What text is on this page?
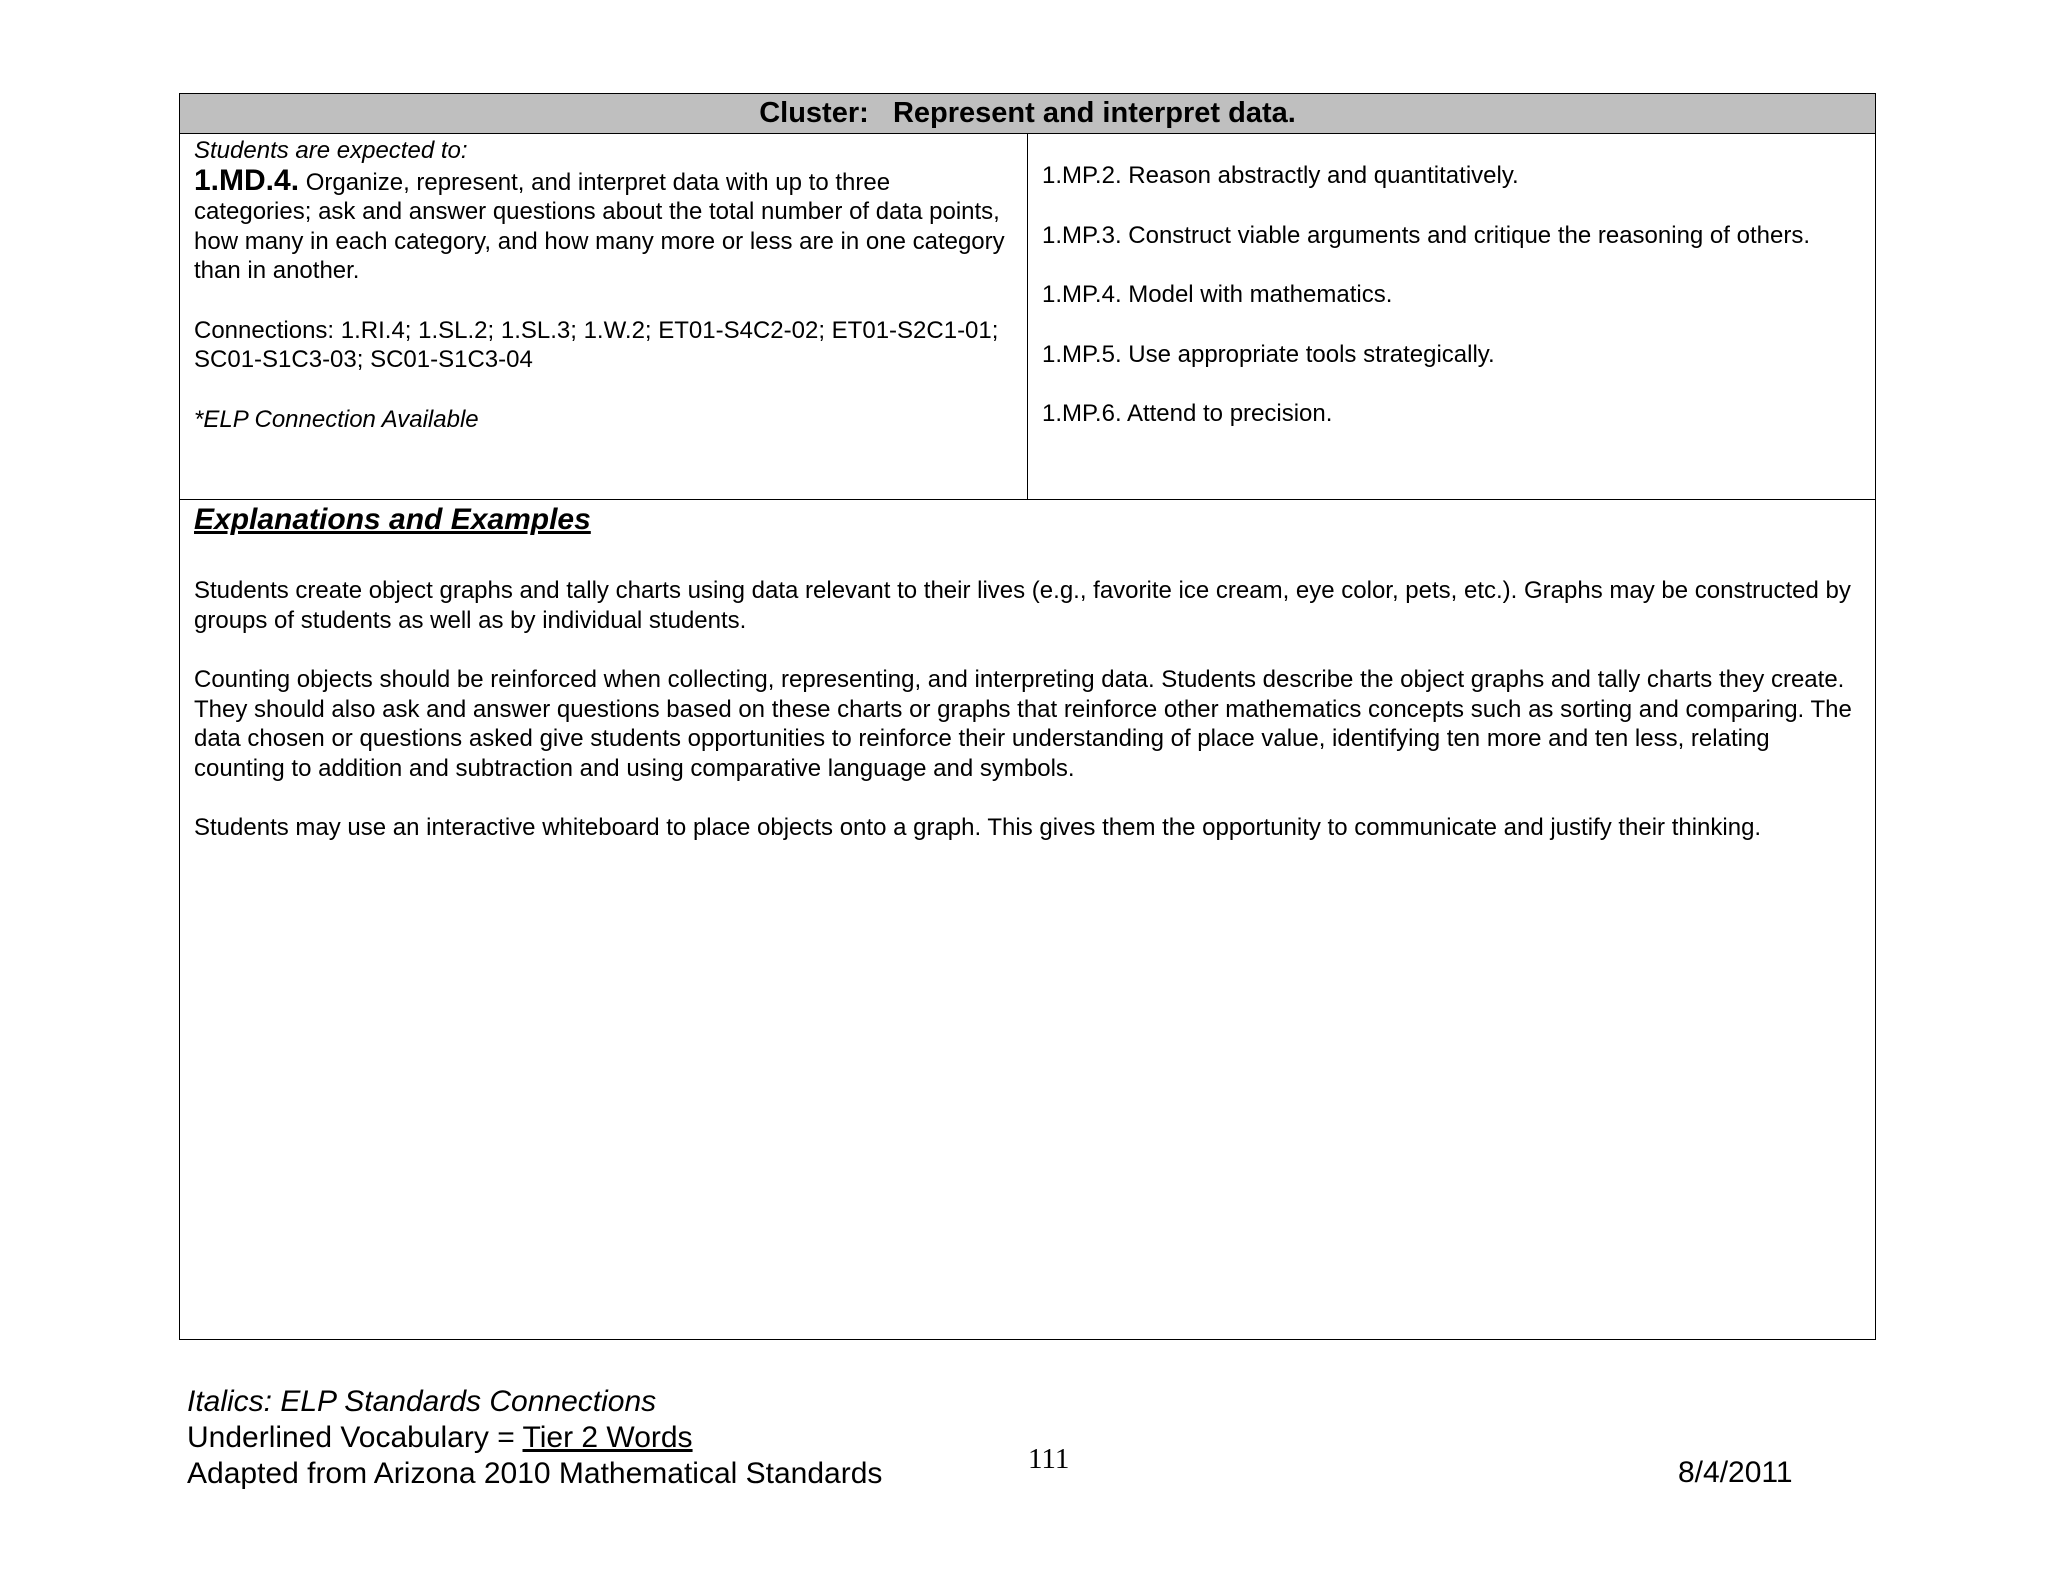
Cluster: Represent and interpret data.
Students are expected to:
1.MD.4. Organize, represent, and interpret data with up to three categories; ask and answer questions about the total number of data points, how many in each category, and how many more or less are in one category than in another.
Connections: 1.RI.4; 1.SL.2; 1.SL.3; 1.W.2; ET01-S4C2-02; ET01-S2C1-01;
SC01-S1C3-03; SC01-S1C3-04
*ELP Connection Available
1.MP.2. Reason abstractly and quantitatively.
1.MP.3. Construct viable arguments and critique the reasoning of others.
1.MP.4. Model with mathematics.
1.MP.5. Use appropriate tools strategically.
1.MP.6. Attend to precision.
Explanations and Examples

Students create object graphs and tally charts using data relevant to their lives (e.g., favorite ice cream, eye color, pets, etc.). Graphs may be constructed by groups of students as well as by individual students.

Counting objects should be reinforced when collecting, representing, and interpreting data. Students describe the object graphs and tally charts they create. They should also ask and answer questions based on these charts or graphs that reinforce other mathematics concepts such as sorting and comparing. The data chosen or questions asked give students opportunities to reinforce their understanding of place value, identifying ten more and ten less, relating counting to addition and subtraction and using comparative language and symbols.

Students may use an interactive whiteboard to place objects onto a graph. This gives them the opportunity to communicate and justify their thinking.

Italics: ELP Standards Connections
Underlined Vocabulary = Tier 2 Words
Adapted from Arizona 2010 Mathematical Standards	111	8/4/2011
